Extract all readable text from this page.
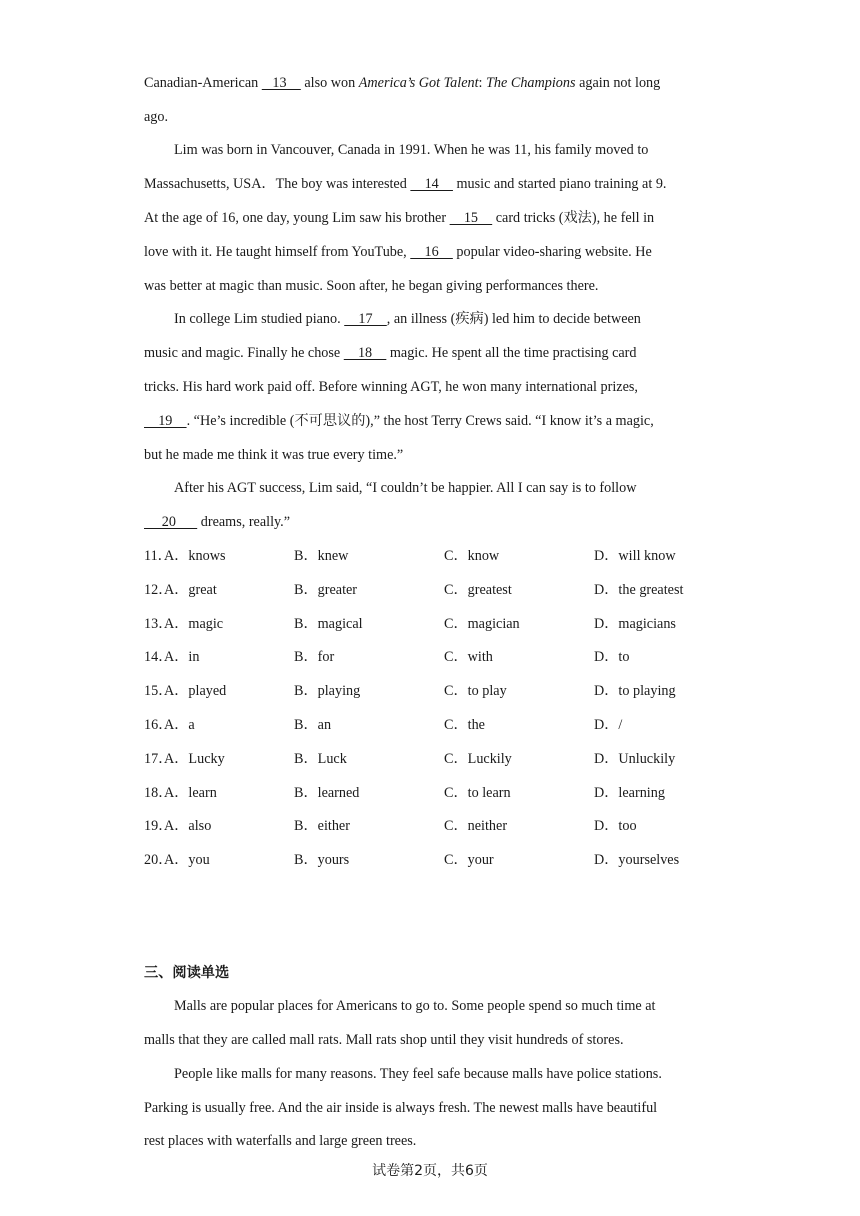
Canadian-American    13     also won America’s Got Talent: The Champions again not long
ago.
Lim was born in Vancouver, Canada in 1991. When he was 11, his family moved to
Massachusetts, USA．The boy was interested     14     music and started piano training at 9.
At the age of 16, one day, young Lim saw his brother     15     card tricks (戏法), he fell in
love with it. He taught himself from YouTube,     16     popular video-sharing website. He
was better at magic than music. Soon after, he began giving performances there.
In college Lim studied piano.     17    , an illness (疾病) led him to decide between
music and magic. Finally he chose     18     magic. He spent all the time practising card
tricks. His hard work paid off. Before winning AGT, he won many international prizes,
19    . “He’s incredible (不可思议的),” the host Terry Crews said. “I know it’s a magic,
but he made me think it was true every time.”
After his AGT success, Lim said, “I couldn’t be happier. All I can say is to follow
20       dreams, really.”
11．
A．knows	B．knew	C．know	D．will know
12．
A．great	B．greater	C．greatest	D．the greatest
13．
A．magic	B．magical	C．magician	D．magicians
14．
A．in	B．for	C．with	D．to
15．
A．played	B．playing	C．to play	D．to playing
16．
A．a	B．an	C．the	D．/
17．
A．Lucky	B．Luck	C．Luckily	D．Unluckily
18．
A．learn	B．learned	C．to learn	D．learning
19．
A．also	B．either	C．neither	D．too
20．
A．you	B．yours	C．your	D．yourselves
三、阅读单选
Malls are popular places for Americans to go to. Some people spend so much time at
malls that they are called mall rats. Mall rats shop until they visit hundreds of stores.
People like malls for many reasons. They feel safe because malls have police stations.
Parking is usually free. And the air inside is always fresh. The newest malls have beautiful
rest places with waterfalls and large green trees.
试卷第2页，共6页
